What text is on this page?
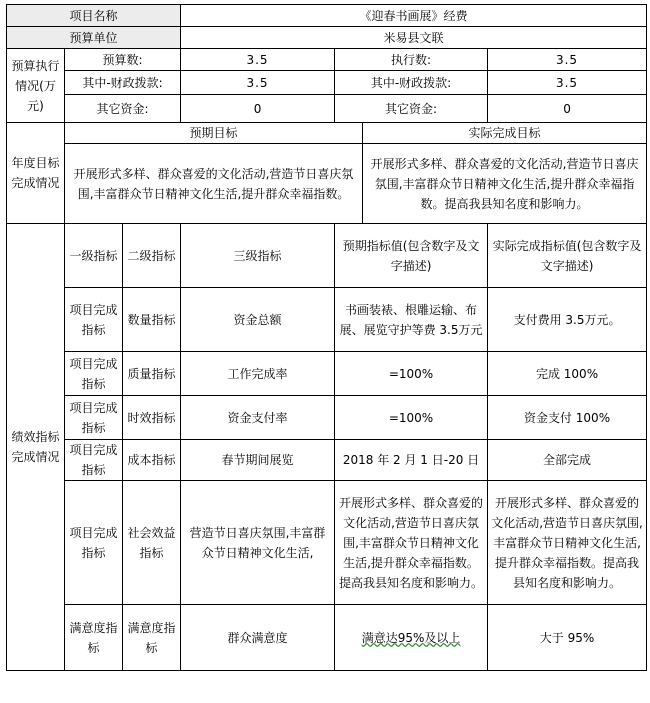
项目名称			《迎春书画展》经费			
预算单位			米易县文联			
预算执行情况(万元)	预算数:		3.5	执行数:		3.5
	其中-财政拨款:		3.5	其中-财政拨款:		3.5
	其它资金:		0	其它资金:		0
年度目标完成情况	预期目标				实际完成目标	
	开展形式多样、群众喜爱的文化活动,营造节日喜庆氛围,丰富群众节日精神文化生活,提升群众幸福指数。				开展形式多样、群众喜爱的文化活动,营造节日喜庆氛围,丰富群众节日精神文化生活,提升群众幸福指数。提高我县知名度和影响力。	
绩效指标完成情况	一级指标	二级指标	三级指标	预期指标值(包含数字及文字描述)		实际完成指标值(包含数字及文字描述)
	项目完成指标	数量指标	资金总额	书画装裱、根雕运输、布展、展览守护等费 3.5万元		支付费用 3.5万元。
	项目完成指标	质量指标	工作完成率	=100%		完成 100%
	项目完成指标	时效指标	资金支付率	=100%		资金支付 100%
	项目完成指标	成本指标	春节期间展览	2018 年 2 月 1 日-20 日		全部完成
	项目完成指标	社会效益指标	营造节日喜庆氛围,丰富群众节日精神文化生活,	开展形式多样、群众喜爱的文化活动,营造节日喜庆氛围,丰富群众节日精神文化生活,提升群众幸福指数。提高我县知名度和影响力。		开展形式多样、群众喜爱的文化活动,营造节日喜庆氛围,丰富群众节日精神文化生活,提升群众幸福指数。提高我县知名度和影响力。
	满意度指标	满意度指标	群众满意度	满意达95%及以上		大于 95%
